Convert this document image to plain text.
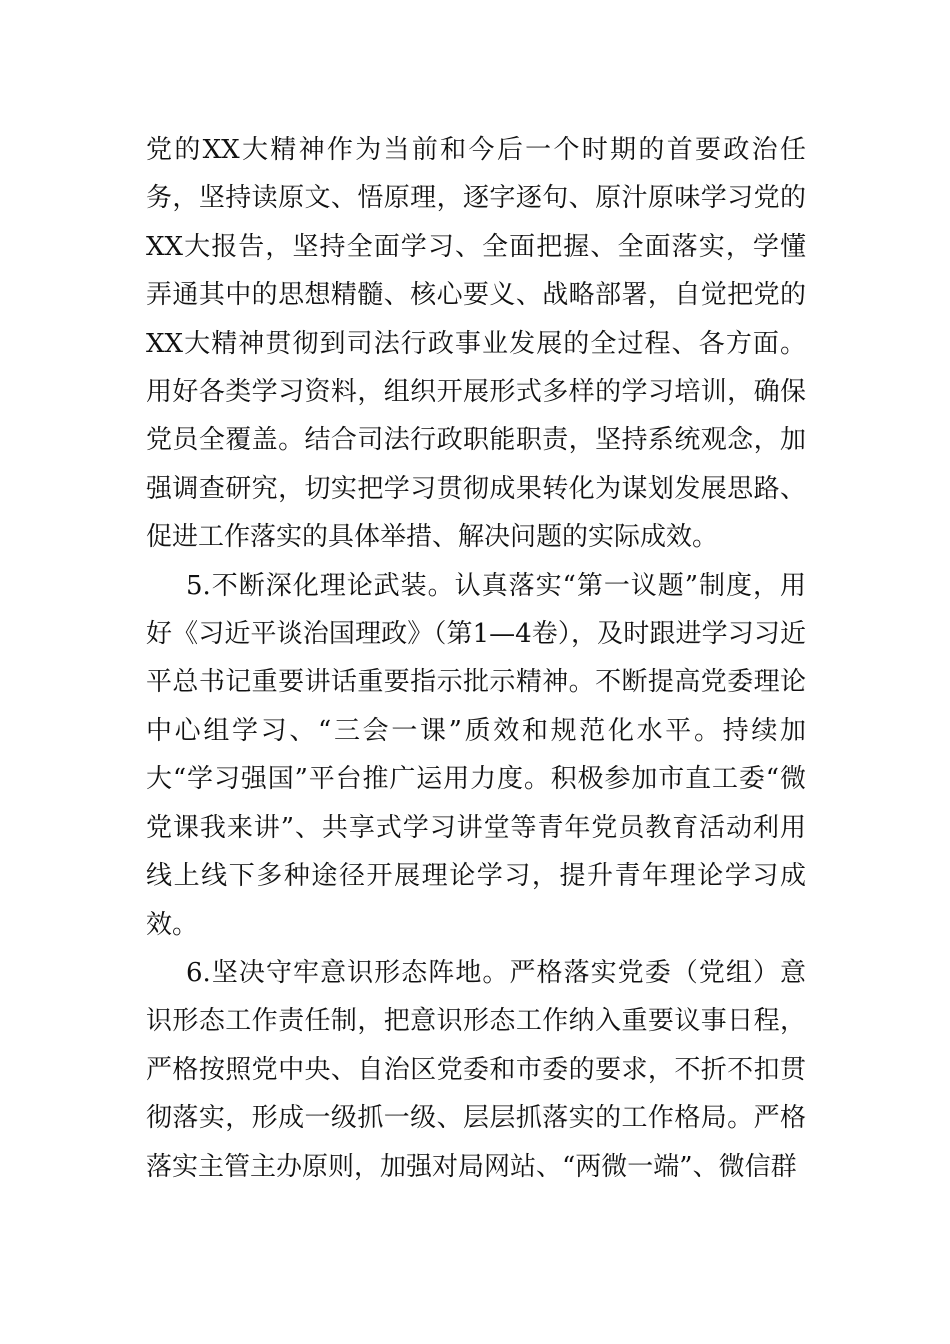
党的XX大精神作为当前和今后一个时期的首要政治任务，坚持读原文、悟原理，逐字逐句、原汁原味学习党的XX大报告，坚持全面学习、全面把握、全面落实，学懂弄通其中的思想精髓、核心要义、战略部署，自觉把党的XX大精神贯彻到司法行政事业发展的全过程、各方面。用好各类学习资料，组织开展形式多样的学习培训，确保党员全覆盖。结合司法行政职能职责，坚持系统观念，加强调查研究，切实把学习贯彻成果转化为谋划发展思路、促进工作落实的具体举措、解决问题的实际成效。

5.不断深化理论武装。认真落实“第一议题”制度，用好《习近平谈治国理政》（第1—4卷），及时跟进学习习近平总书记重要讲话重要指示批示精神。不断提高党委理论中心组学习、“三会一课”质效和规范化水平。持续加大“学习强国”平台推广运用力度。积极参加市直工委“微党课我来讲”、共享式学习讲堂等青年党员教育活动利用线上线下多种途径开展理论学习，提升青年理论学习成效。

6.坚决守牢意识形态阵地。严格落实党委（党组）意识形态工作责任制，把意识形态工作纳入重要议事日程，严格按照党中央、自治区党委和市委的要求，不折不扣贯彻落实，形成一级抓一级、层层抓落实的工作格局。严格落实主管主办原则，加强对局网站、“两微一端”、微信群
